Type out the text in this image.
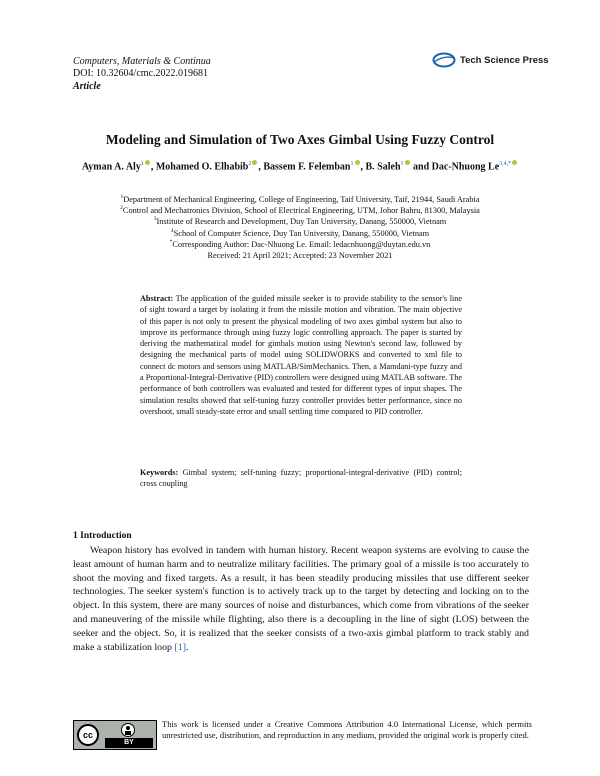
Computers, Materials & Continua
DOI: 10.32604/cmc.2022.019681
Article
Tech Science Press
Modeling and Simulation of Two Axes Gimbal Using Fuzzy Control
Ayman A. Aly$^1$ , Mohamed O. Elhabib$^2$ , Bassem F. Felemban$^1$ , B. Saleh$^1$ and Dac-Nhuong $Le^{3,4,*}$
$^1$Department of Mechanical Engineering, College of Engineering, Taif University, Taif, 21944, Saudi Arabia
$^2$Control and Mechatronics Division, School of Electrical Engineering, UTM, Johor Bahru, 81300, Malaysia
$^3$Institute of Research and Development, Duy Tan University, Danang, 550000, Vietnam
$^4$School of Computer Science, Duy Tan University, Danang, 550000, Vietnam
*Corresponding Author: Dac-Nhuong Le. Email: ledacnhuong@duytan.edu.vn
Received: 21 April 2021; Accepted: 23 November 2021
Abstract: The application of the guided missile seeker is to provide stability to the sensor's line of sight toward a target by isolating it from the missile motion and vibration. The main objective of this paper is not only to present the physical modeling of two axes gimbal system but also to improve its performance through using fuzzy logic controlling approach. The paper is started by deriving the mathematical model for gimbals motion using Newton's second law, followed by designing the mechanical parts of model using SOLIDWORKS and converted to xml file to connect dc motors and sensors using MATLAB/SimMechanics. Then, a Mamdani-type fuzzy and a Proportional-Integral-Derivative (PID) controllers were designed using MATLAB software. The performance of both controllers was evaluated and tested for different types of input shapes. The simulation results showed that self-tuning fuzzy controller provides better performance, since no overshoot, small steady-state error and small settling time compared to PID controller.
Keywords: Gimbal system; self-tuning fuzzy; proportional-integral-derivative (PID) control; cross coupling
1 Introduction
Weapon history has evolved in tandem with human history. Recent weapon systems are evolving to cause the least amount of human harm and to neutralize military facilities. The primary goal of a missile is too accurately to shoot the moving and fixed targets. As a result, it has been steadily producing missiles that use different seeker technologies. The seeker system's function is to actively track up to the target by detecting and locking on to the object. In this system, there are many sources of noise and disturbances, which come from vibrations of the seeker and maneuvering of the missile while flighting, also there is a decoupling in the line of sight (LOS) between the seeker and the object. So, it is realized that the seeker consists of a two-axis gimbal platform to track stably and make a stabilization loop [1].
cc
BY
This work is licensed under a Creative Commons Attribution 4.0 International License, which permits unrestricted use, distribution, and reproduction in any medium, provided the original work is properly cited.
